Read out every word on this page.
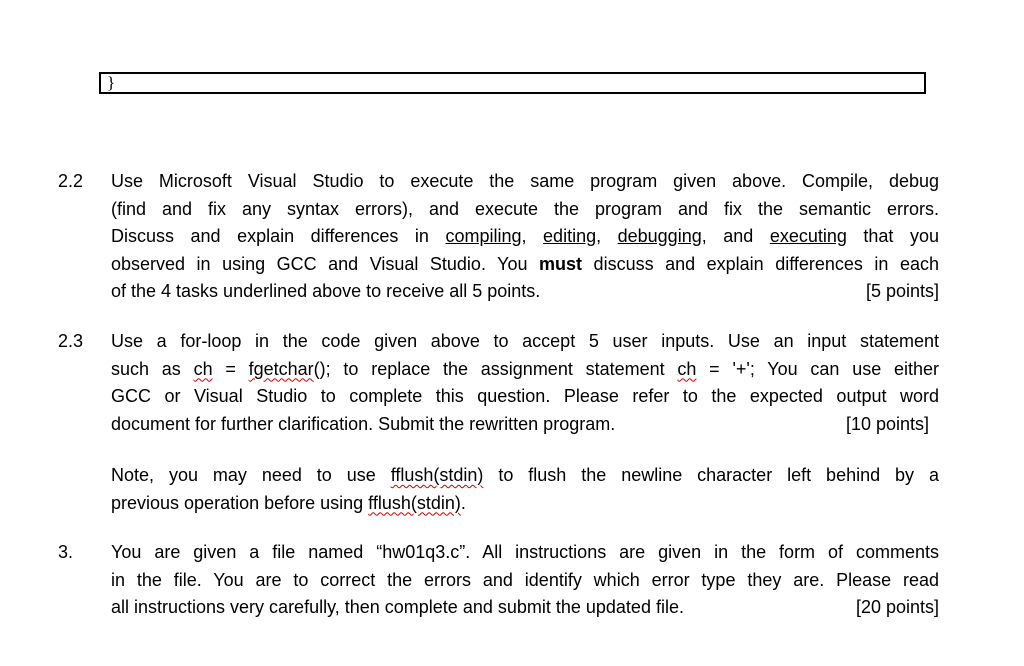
}
2.2 Use Microsoft Visual Studio to execute the same program given above. Compile, debug
(find and fix any syntax errors), and execute the program and fix the semantic errors.
Discuss and explain differences in compiling, editing, debugging, and executing that you
observed in using GCC and Visual Studio. You must discuss and explain differences in each
of the 4 tasks underlined above to receive all 5 points.	[5 points]
2.3 Use a for-loop in the code given above to accept 5 user inputs. Use an input statement
such as ch = fgetchar(); to replace the assignment statement ch = '+'; You can use either
GCC or Visual Studio to complete this question. Please refer to the expected output word
document for further clarification. Submit the rewritten program.	[10 points]
Note, you may need to use fflush(stdin) to flush the newline character left behind by a
previous operation before using fflush(stdin).
3. You are given a file named “hw01q3.c”. All instructions are given in the form of comments
in the file. You are to correct the errors and identify which error type they are. Please read
all instructions very carefully, then complete and submit the updated file.	[20 points]
